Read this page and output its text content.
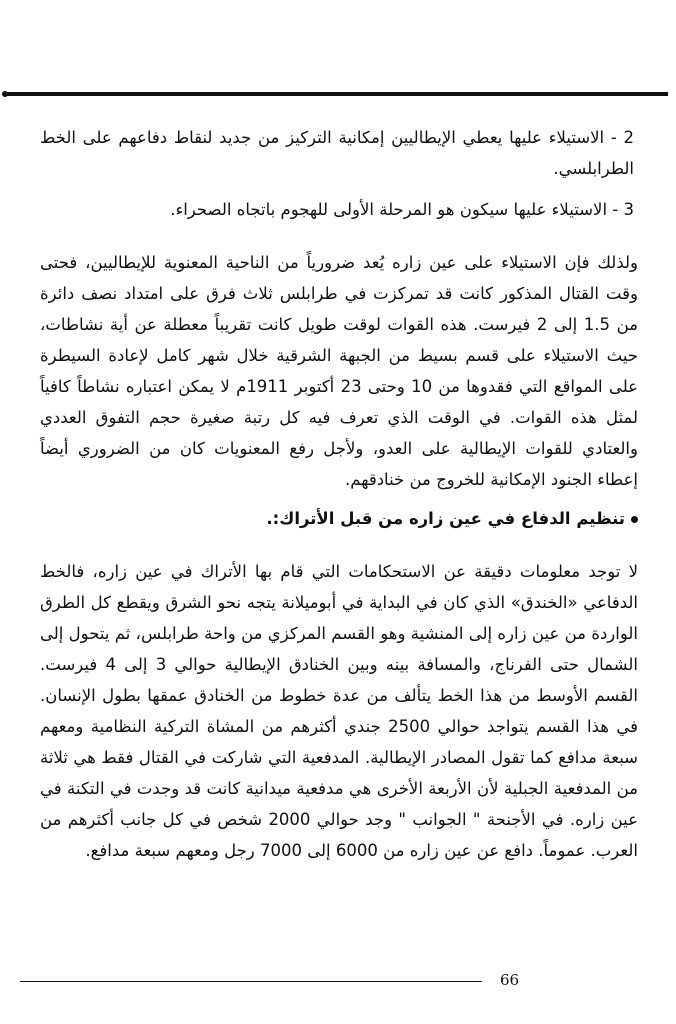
2 - الاستيلاء عليها يعطي الإيطاليين إمكانية التركيز من جديد لنقاط دفاعهم على الخط الطرابلسي.

3 - الاستيلاء عليها سيكون هو المرحلة الأولى للهجوم باتجاه الصحراء.

ولذلك فإن الاستيلاء على عين زاره يُعد ضرورياً من الناحية المعنوية للإيطاليين، فحتى وقت القتال المذكور كانت قد تمركزت في طرابلس ثلاث فرق على امتداد نصف دائرة من 1.5 إلى 2 فيرست. هذه القوات لوقت طويل كانت تقريباً معطلة عن أية نشاطات، حيث الاستيلاء على قسم بسيط من الجبهة الشرقية خلال شهر كامل لإعادة السيطرة على المواقع التي فقدوها من 10 وحتى 23 أكتوبر 1911م لا يمكن اعتباره نشاطاً كافياً لمثل هذه القوات. في الوقت الذي تعرف فيه كل رتبة صغيرة حجم التفوق العددي والعتادي للقوات الإيطالية على العدو، ولأجل رفع المعنويات كان من الضروري أيضاً إعطاء الجنود الإمكانية للخروج من خنادقهم.

تنظيم الدفاع في عين زاره من قبل الأتراك:.

لا توجد معلومات دقيقة عن الاستحكامات التي قام بها الأتراك في عين زاره، فالخط الدفاعي «الخندق» الذي كان في البداية في أبوميلانة يتجه نحو الشرق ويقطع كل الطرق الواردة من عين زاره إلى المنشية وهو القسم المركزي من واحة طرابلس، ثم يتحول إلى الشمال حتى الفرناج، والمسافة بينه وبين الخنادق الإيطالية حوالي 3 إلى 4 فيرست. القسم الأوسط من هذا الخط يتألف من عدة خطوط من الخنادق عمقها بطول الإنسان. في هذا القسم يتواجد حوالي 2500 جندي أكثرهم من المشاة التركية النظامية ومعهم سبعة مدافع كما تقول المصادر الإيطالية. المدفعية التي شاركت في القتال فقط هي ثلاثة من المدفعية الجبلية لأن الأربعة الأخرى هي مدفعية ميدانية كانت قد وجدت في التكنة في عين زاره. في الأجنحة " الجوانب " وجد حوالي 2000 شخص في كل جانب أكثرهم من العرب. عموماً. دافع عن عين زاره من 6000 إلى 7000 رجل ومعهم سبعة مدافع.

66
